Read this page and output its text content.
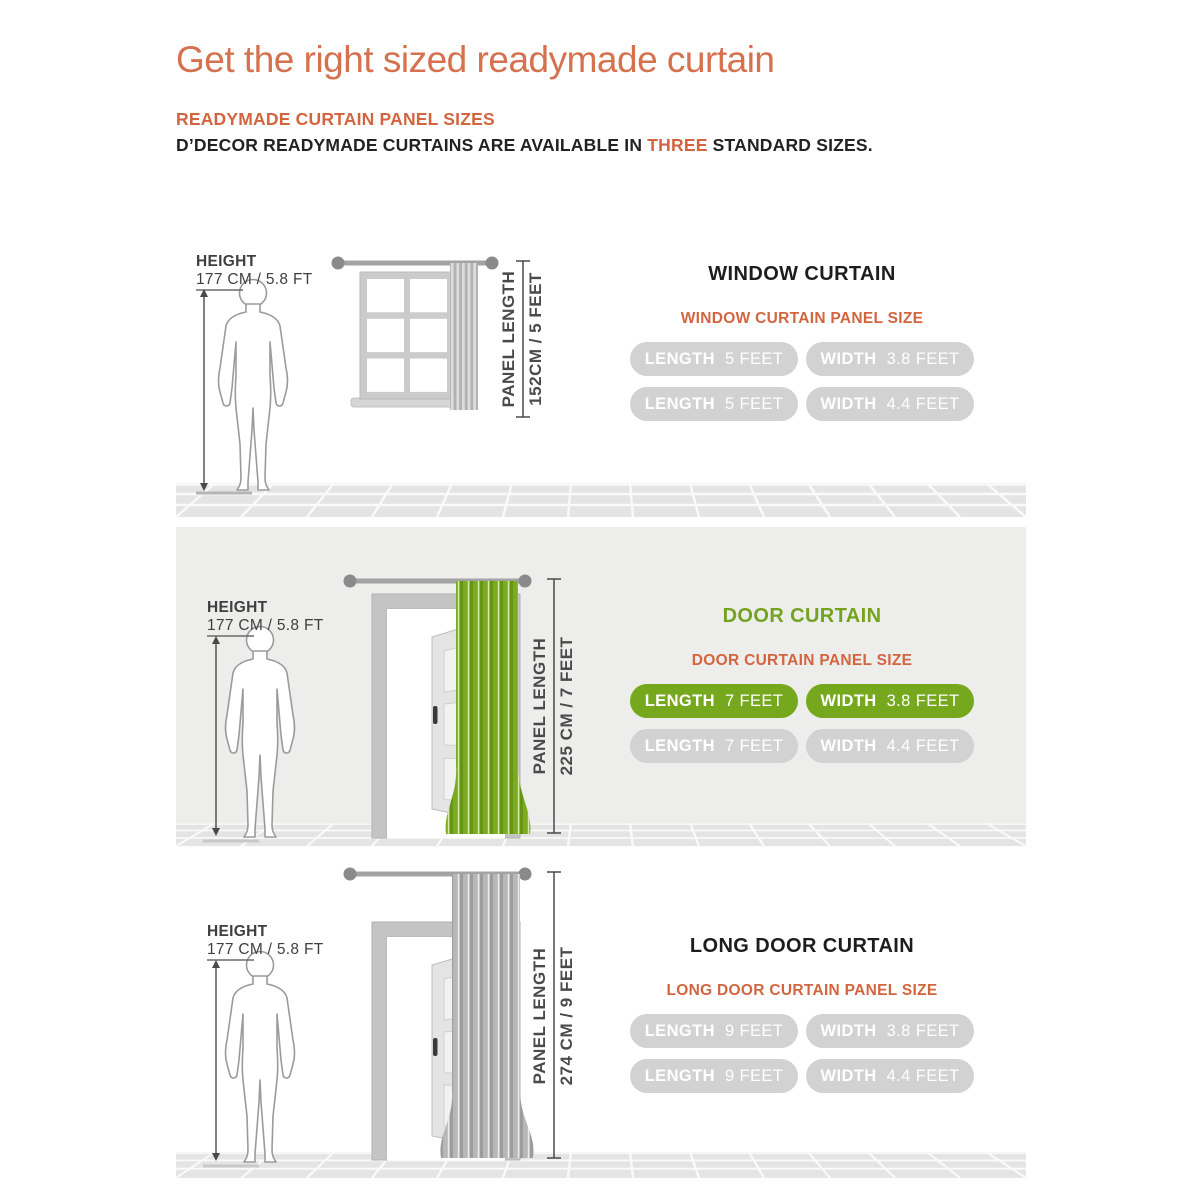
Get the right sized readymade curtain
READYMADE CURTAIN PANEL SIZES
D’DECOR READYMADE CURTAINS ARE AVAILABLE IN THREE STANDARD SIZES.
HEIGHT
177 CM / 5.8 FT	PANEL LENGTH 152CM / 5 FEET
HEIGHT
177 CM / 5.8 FT
PANEL LENGTH 225 CM / 7 FEET
HEIGHT
177 CM / 5.8 FT	PANEL LENGTH 274 CM / 9 FEET
WINDOW CURTAIN
WINDOW CURTAIN PANEL SIZE
LENGTH 5 FEET WIDTH 3.8 FEET
LENGTH 5 FEET WIDTH 4.4 FEET
DOOR CURTAIN
DOOR CURTAIN PANEL SIZE
LENGTH 7 FEET WIDTH 3.8 FEET
LENGTH 7 FEET WIDTH 4.4 FEET
LONG DOOR CURTAIN
LONG DOOR CURTAIN PANEL SIZE
LENGTH 9 FEET WIDTH 3.8 FEET
LENGTH 9 FEET WIDTH 4.4 FEET
